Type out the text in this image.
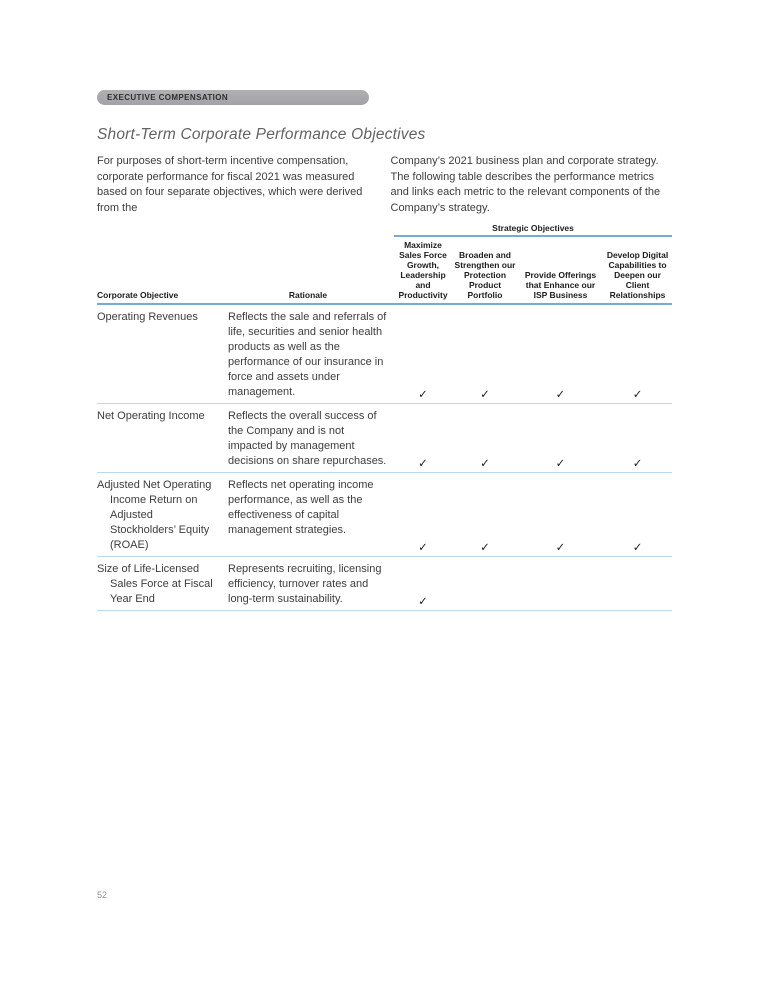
EXECUTIVE COMPENSATION
Short-Term Corporate Performance Objectives

For purposes of short-term incentive compensation, corporate performance for fiscal 2021 was measured based on four separate objectives, which were derived from the

Company’s 2021 business plan and corporate strategy. The following table describes the performance metrics and links each metric to the relevant components of the Company’s strategy.

		Strategic Objectives			
Corporate Objective	Rationale	Maximize Sales Force Growth, Leadership and Productivity	Broaden and Strengthen our Protection Product Portfolio	Provide Offerings that Enhance our ISP Business	Develop Digital Capabilities to Deepen our Client Relationships
Operating Revenues	Reflects the sale and referrals of life, securities and senior health products as well as the performance of our insurance in force and assets under management.	✓	✓	✓	✓
Net Operating Income	Reflects the overall success of the Company and is not impacted by management decisions on share repurchases.	✓	✓	✓	✓
Adjusted Net Operating Income Return on Adjusted Stockholders’ Equity (ROAE)	Reflects net operating income performance, as well as the effectiveness of capital management strategies.	✓	✓	✓	✓
Size of Life-Licensed Sales Force at Fiscal Year End	Represents recruiting, licensing efficiency, turnover rates and long-term sustainability.	✓			
52
